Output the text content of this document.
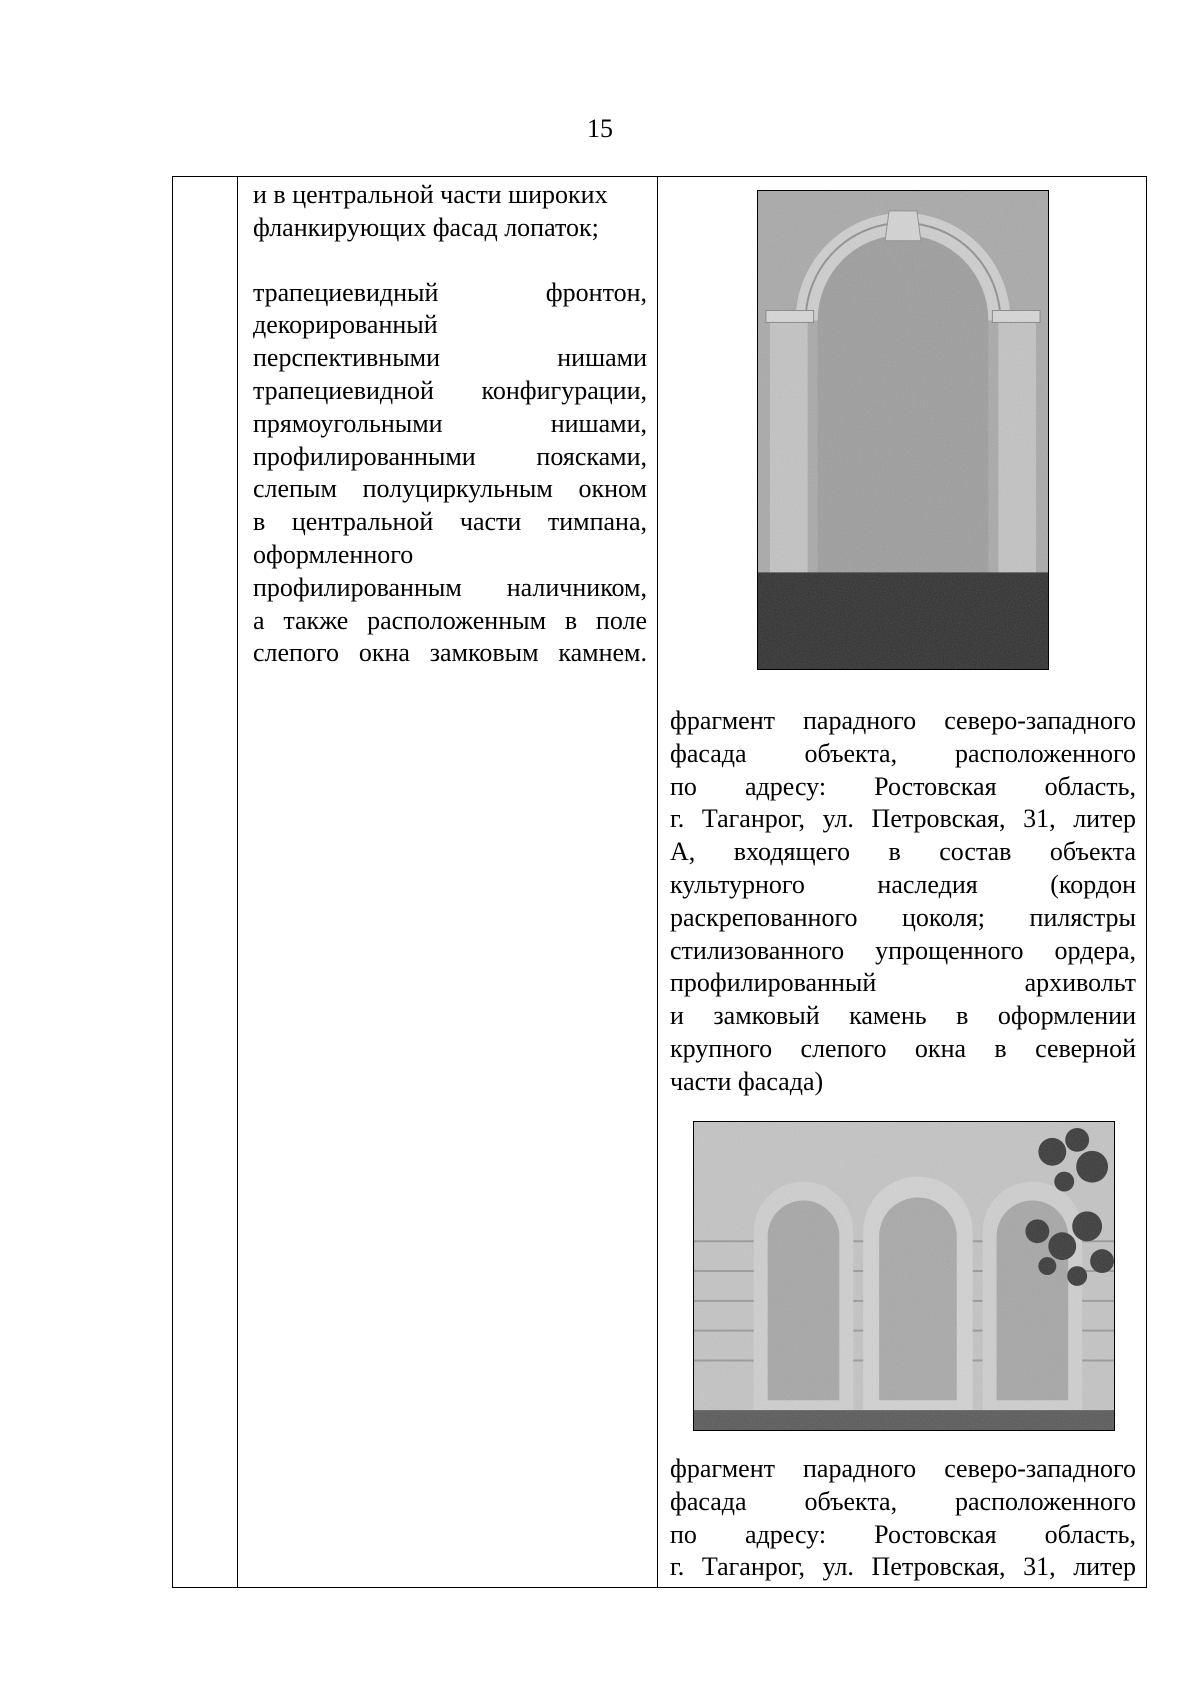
15
и в центральной части широких
фланкирующих фасад лопаток;
трапециевидный фронтон,
декорированный
перспективными нишами
трапециевидной конфигурации,
прямоугольными нишами,
профилированными поясками,
слепым полуциркульным окном
в центральной части тимпана,
оформленного
профилированным наличником,
а также расположенным в поле
слепого окна замковым камнем.
фрагмент парадного северо-западного
фасада объекта, расположенного
по адресу: Ростовская область,
г. Таганрог, ул. Петровская, 31, литер
А, входящего в состав объекта
культурного наследия (кордон
раскрепованного цоколя; пилястры
стилизованного упрощенного ордера,
профилированный архивольт
и замковый камень в оформлении
крупного слепого окна в северной
части фасада)
фрагмент парадного северо-западного
фасада объекта, расположенного
по адресу: Ростовская область,
г. Таганрог, ул. Петровская, 31, литер
